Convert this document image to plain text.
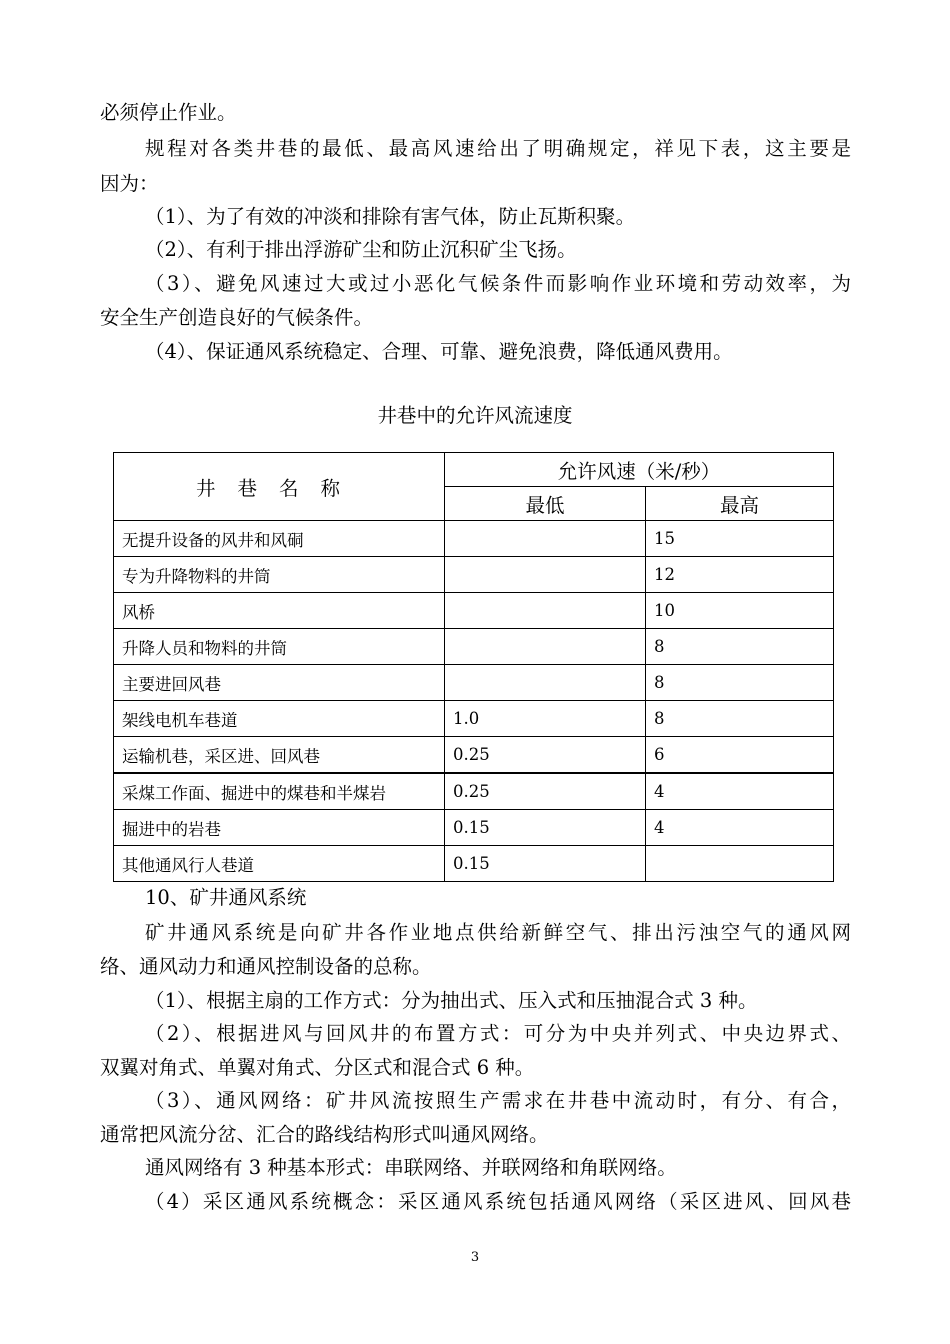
必须停止作业。
规程对各类井巷的最低、最高风速给出了明确规定，祥见下表，这主要是
因为：
（1）、为了有效的冲淡和排除有害气体，防止瓦斯积聚。
（2）、有利于排出浮游矿尘和防止沉积矿尘飞扬。
（3）、避免风速过大或过小恶化气候条件而影响作业环境和劳动效率，为
安全生产创造良好的气候条件。
（4）、保证通风系统稳定、合理、可靠、避免浪费，降低通风费用。
井巷中的允许风流速度
井巷名称	允许风速（米/秒）	
	最低	最高
无提升设备的风井和风硐		15
专为升降物料的井筒		12
风桥		10
升降人员和物料的井筒		8
主要进回风巷		8
架线电机车巷道	1.0	8
运输机巷，采区进、回风巷	0.25	6
采煤工作面、掘进中的煤巷和半煤岩	0.25	4
掘进中的岩巷	0.15	4
其他通风行人巷道	0.15	
10、矿井通风系统
矿井通风系统是向矿井各作业地点供给新鲜空气、排出污浊空气的通风网
络、通风动力和通风控制设备的总称。
（1）、根据主扇的工作方式：分为抽出式、压入式和压抽混合式 3 种。
（2）、根据进风与回风井的布置方式：可分为中央并列式、中央边界式、
双翼对角式、单翼对角式、分区式和混合式 6 种。
（3）、通风网络：矿井风流按照生产需求在井巷中流动时，有分、有合，
通常把风流分岔、汇合的路线结构形式叫通风网络。
通风网络有 3 种基本形式：串联网络、并联网络和角联网络。
（4）采区通风系统概念：采区通风系统包括通风网络（采区进风、回风巷
3
